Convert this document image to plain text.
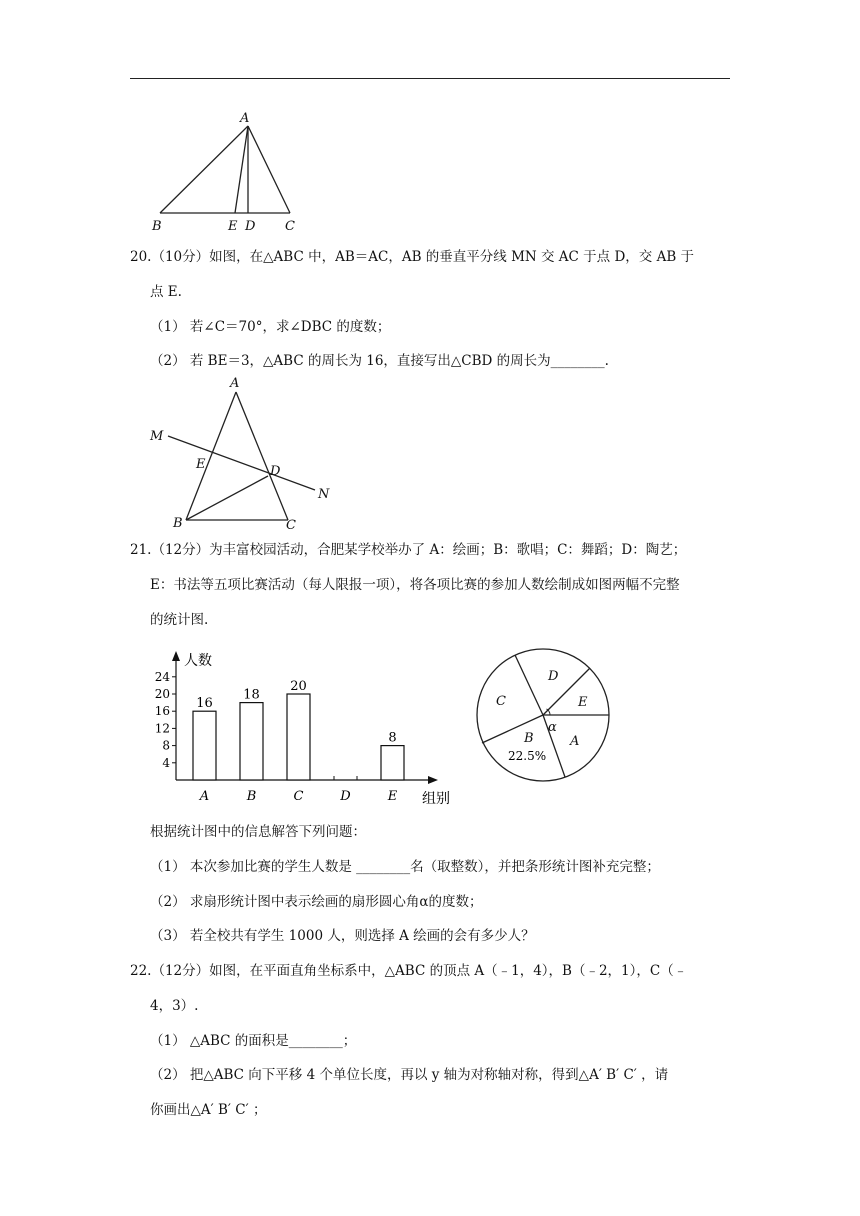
A
B	E D C
20.（10分）如图，在△ABC 中，AB＝AC，AB 的垂直平分线 MN 交 AC 于点 D，交 AB 于
点 E.
（1） 若∠C＝70°，求∠DBC 的度数；
（2） 若 BE＝3，△ABC 的周长为 16，直接写出△CBD 的周长为________.
A
M
E	D
N
B	C
21.（12分）为丰富校园活动，合肥某学校举办了 A：绘画；B：歌唱；C：舞蹈；D：陶艺；
E：书法等五项比赛活动（每人限报一项），将各项比赛的参加人数绘制成如图两幅不完整
的统计图.
人数
组别
4
8
12
16
20
24
16
A
18
B
20
C	D
8
E
α
D
E
C
A
B
22.5%
根据统计图中的信息解答下列问题：
（1） 本次参加比赛的学生人数是 ________名（取整数），并把条形统计图补充完整；
（2） 求扇形统计图中表示绘画的扇形圆心角α的度数；
（3） 若全校共有学生 1000 人，则选择 A 绘画的会有多少人？
22.（12分）如图，在平面直角坐标系中，△ABC 的顶点 A（﹣1，4），B（﹣2，1），C（﹣
4，3）.
（1） △ABC 的面积是________；
（2） 把△ABC 向下平移 4 个单位长度，再以 y 轴为对称轴对称，得到△A′ B′ C′ ，请
你画出△A′ B′ C′ ；
